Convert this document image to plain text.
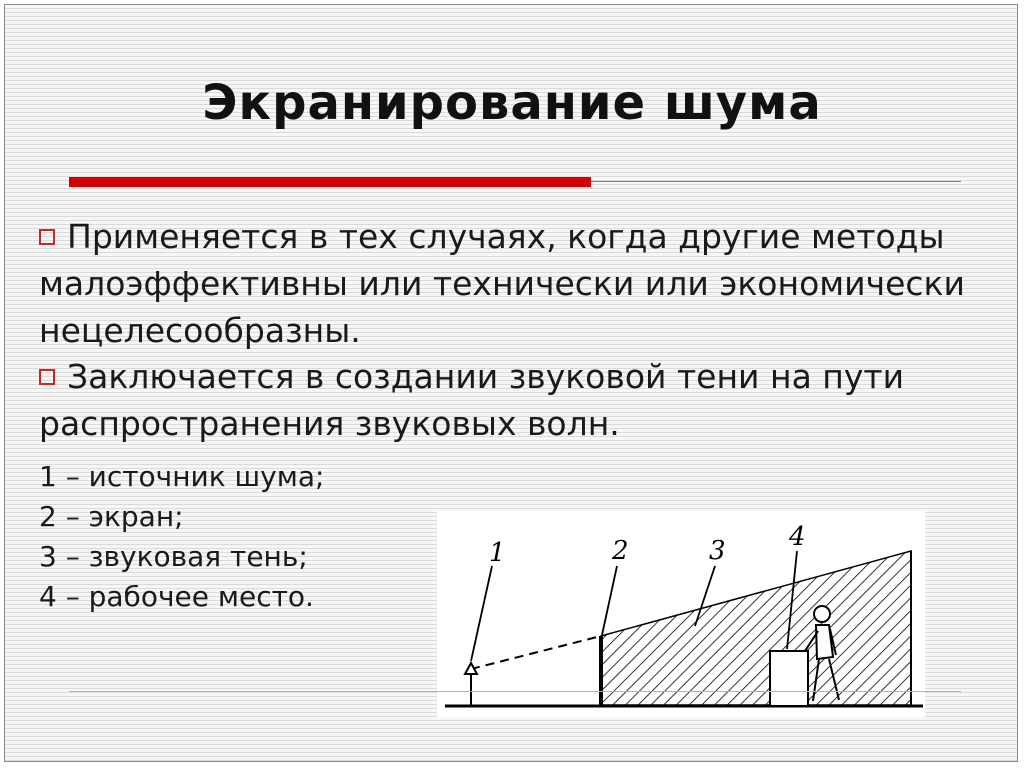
Экранирование шума

Применяется в тех случаях, когда другие методы малоэффективны или технически или экономически нецелесообразны.

Заключается в создании звуковой тени на пути распространения звуковых волн.

1 – источник шума;
2 – экран;
3 – звуковая тень;
4 – рабочее место.
1	2	3 4
